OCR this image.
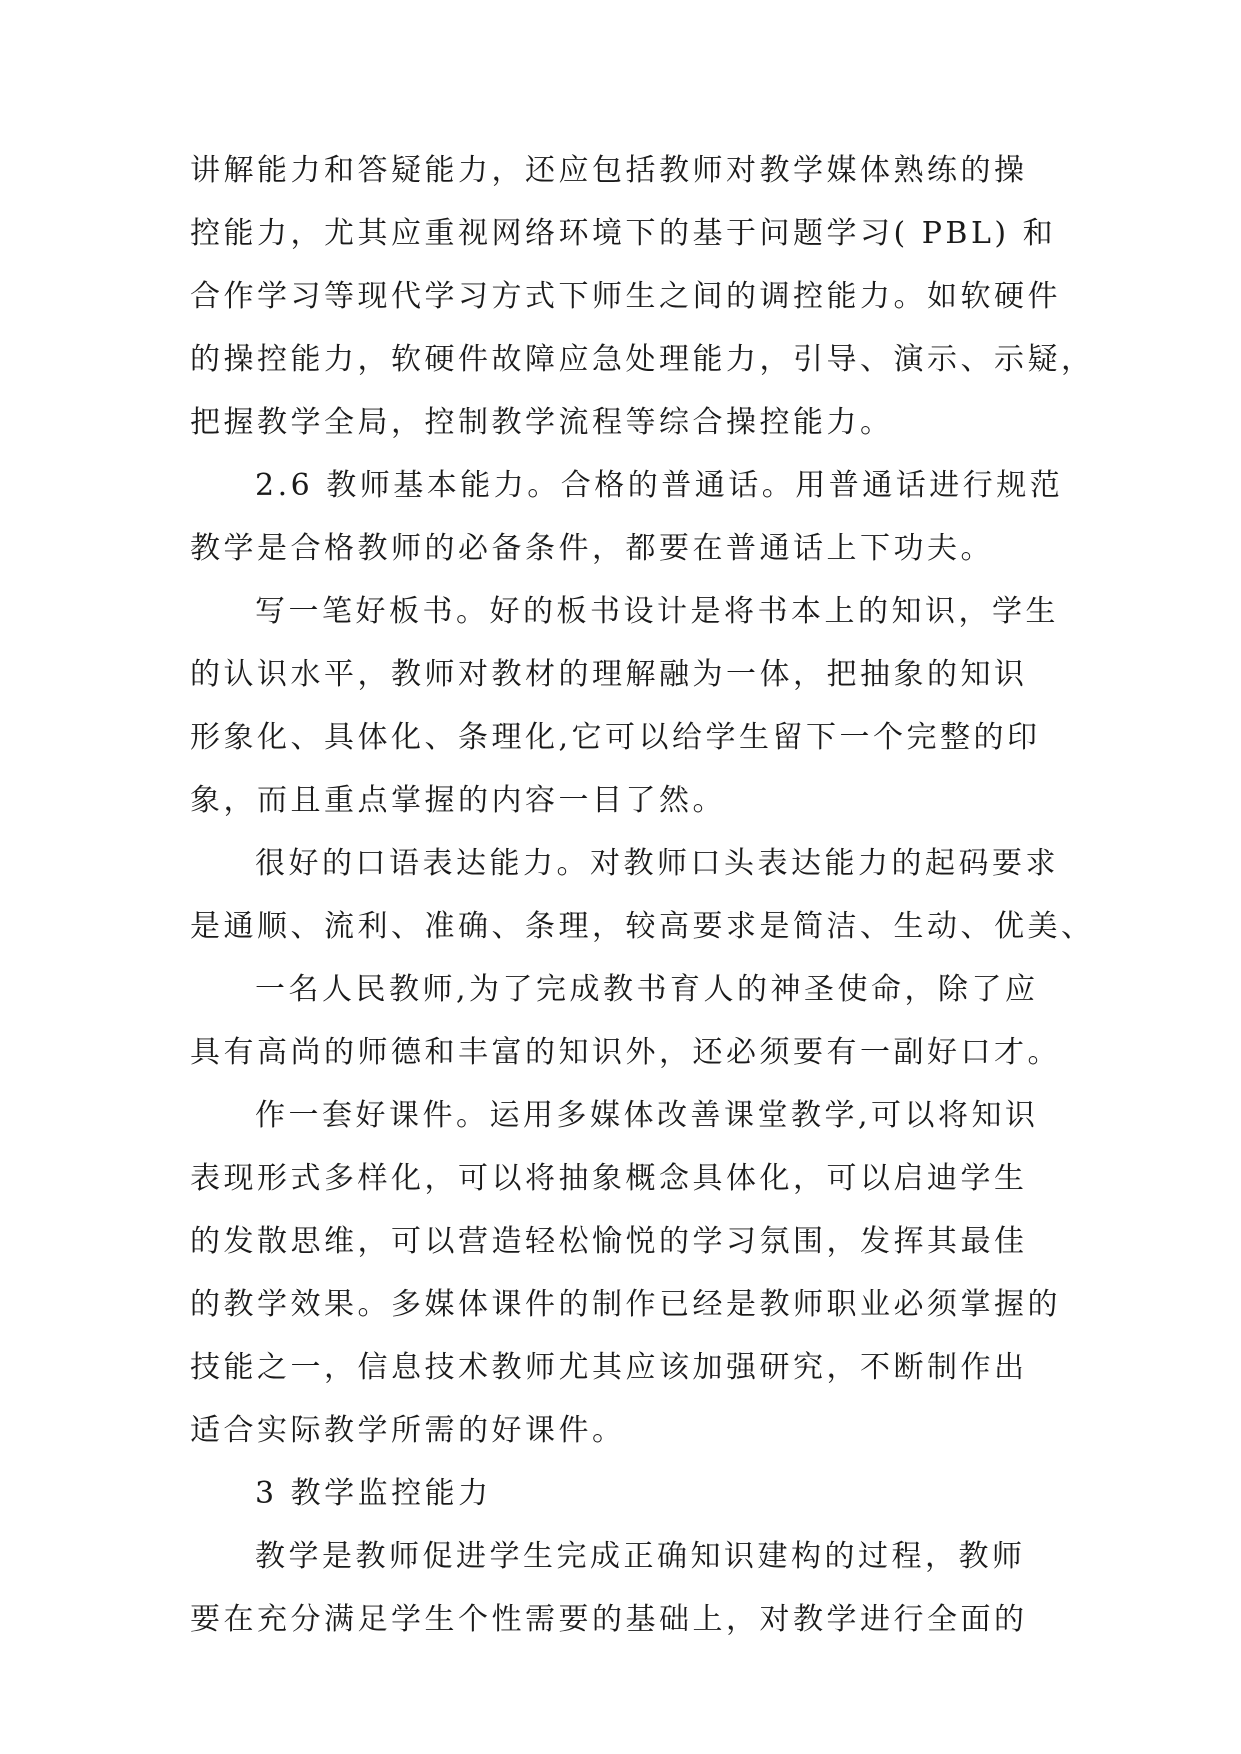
讲解能力和答疑能力，还应包括教师对教学媒体熟练的操
控能力，尤其应重视网络环境下的基于问题学习( PBL) 和
合作学习等现代学习方式下师生之间的调控能力。如软硬件
的操控能力，软硬件故障应急处理能力，引导、演示、示疑，
把握教学全局，控制教学流程等综合操控能力。
2.6 教师基本能力。合格的普通话。用普通话进行规范
教学是合格教师的必备条件，都要在普通话上下功夫。
写一笔好板书。好的板书设计是将书本上的知识，学生
的认识水平，教师对教材的理解融为一体，把抽象的知识
形象化、具体化、条理化,它可以给学生留下一个完整的印
象，而且重点掌握的内容一目了然。
很好的口语表达能力。对教师口头表达能力的起码要求
是通顺、流利、准确、条理，较高要求是简洁、生动、优美、
一名人民教师,为了完成教书育人的神圣使命，除了应
具有高尚的师德和丰富的知识外，还必须要有一副好口才。
作一套好课件。运用多媒体改善课堂教学,可以将知识
表现形式多样化，可以将抽象概念具体化，可以启迪学生
的发散思维，可以营造轻松愉悦的学习氛围，发挥其最佳
的教学效果。多媒体课件的制作已经是教师职业必须掌握的
技能之一，信息技术教师尤其应该加强研究，不断制作出
适合实际教学所需的好课件。
3 教学监控能力
教学是教师促进学生完成正确知识建构的过程，教师
要在充分满足学生个性需要的基础上，对教学进行全面的
